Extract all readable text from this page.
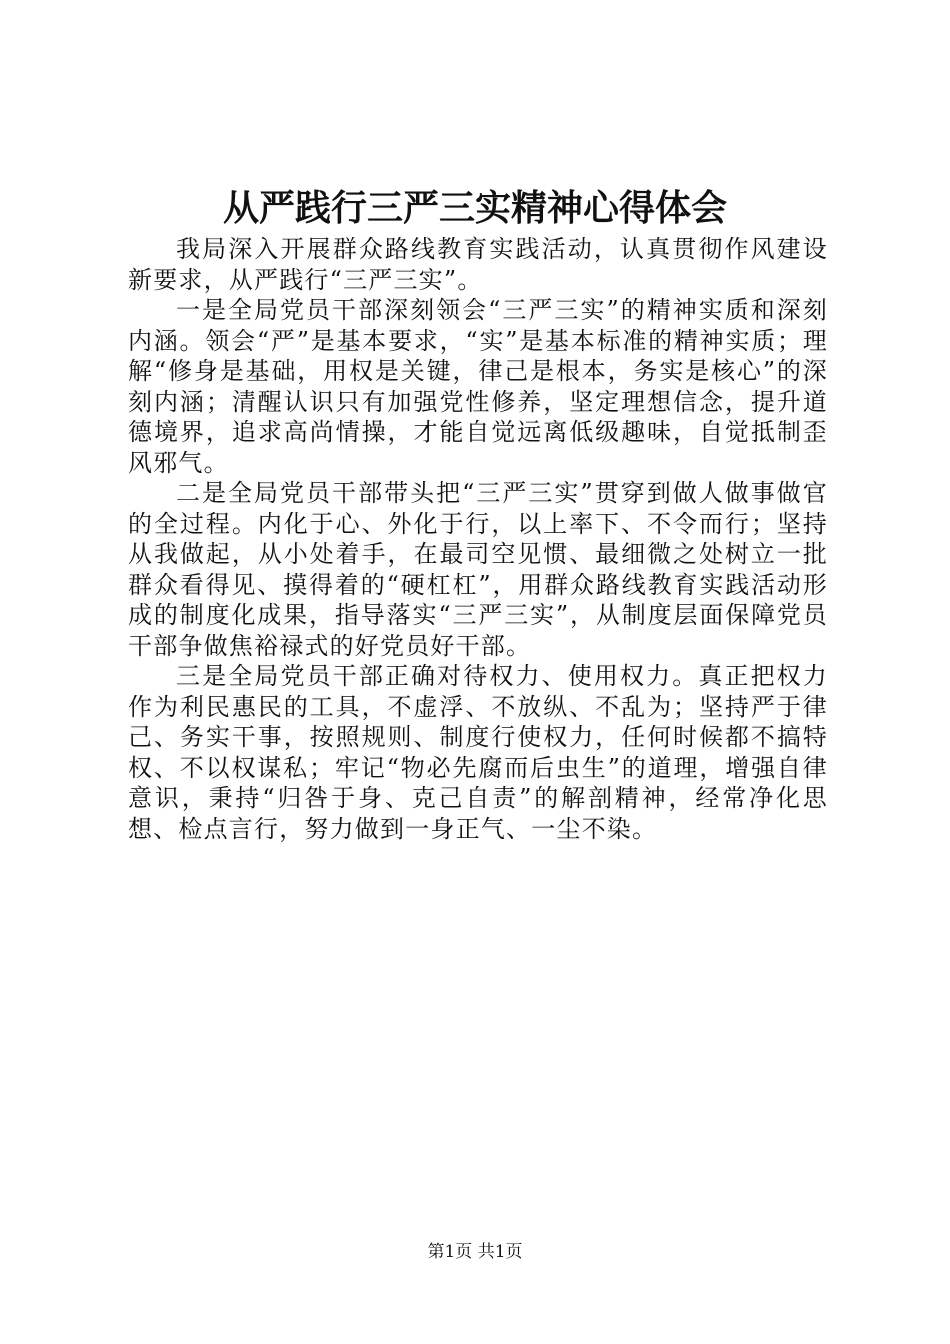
从严践行三严三实精神心得体会

我局深入开展群众路线教育实践活动，认真贯彻作风建设新要求，从严践行“三严三实”。

一是全局党员干部深刻领会“三严三实”的精神实质和深刻内涵。领会“严”是基本要求，“实”是基本标准的精神实质；理解“修身是基础，用权是关键，律己是根本，务实是核心”的深刻内涵；清醒认识只有加强党性修养，坚定理想信念，提升道德境界，追求高尚情操，才能自觉远离低级趣味，自觉抵制歪风邪气。

二是全局党员干部带头把“三严三实”贯穿到做人做事做官的全过程。内化于心、外化于行，以上率下、不令而行；坚持从我做起，从小处着手，在最司空见惯、最细微之处树立一批群众看得见、摸得着的“硬杠杠”，用群众路线教育实践活动形成的制度化成果，指导落实“三严三实”，从制度层面保障党员干部争做焦裕禄式的好党员好干部。

三是全局党员干部正确对待权力、使用权力。真正把权力作为利民惠民的工具，不虚浮、不放纵、不乱为；坚持严于律己、务实干事，按照规则、制度行使权力，任何时候都不搞特权、不以权谋私；牢记“物必先腐而后虫生”的道理，增强自律意识，秉持“归咎于身、克己自责”的解剖精神，经常净化思想、检点言行，努力做到一身正气、一尘不染。

第1页 共1页
